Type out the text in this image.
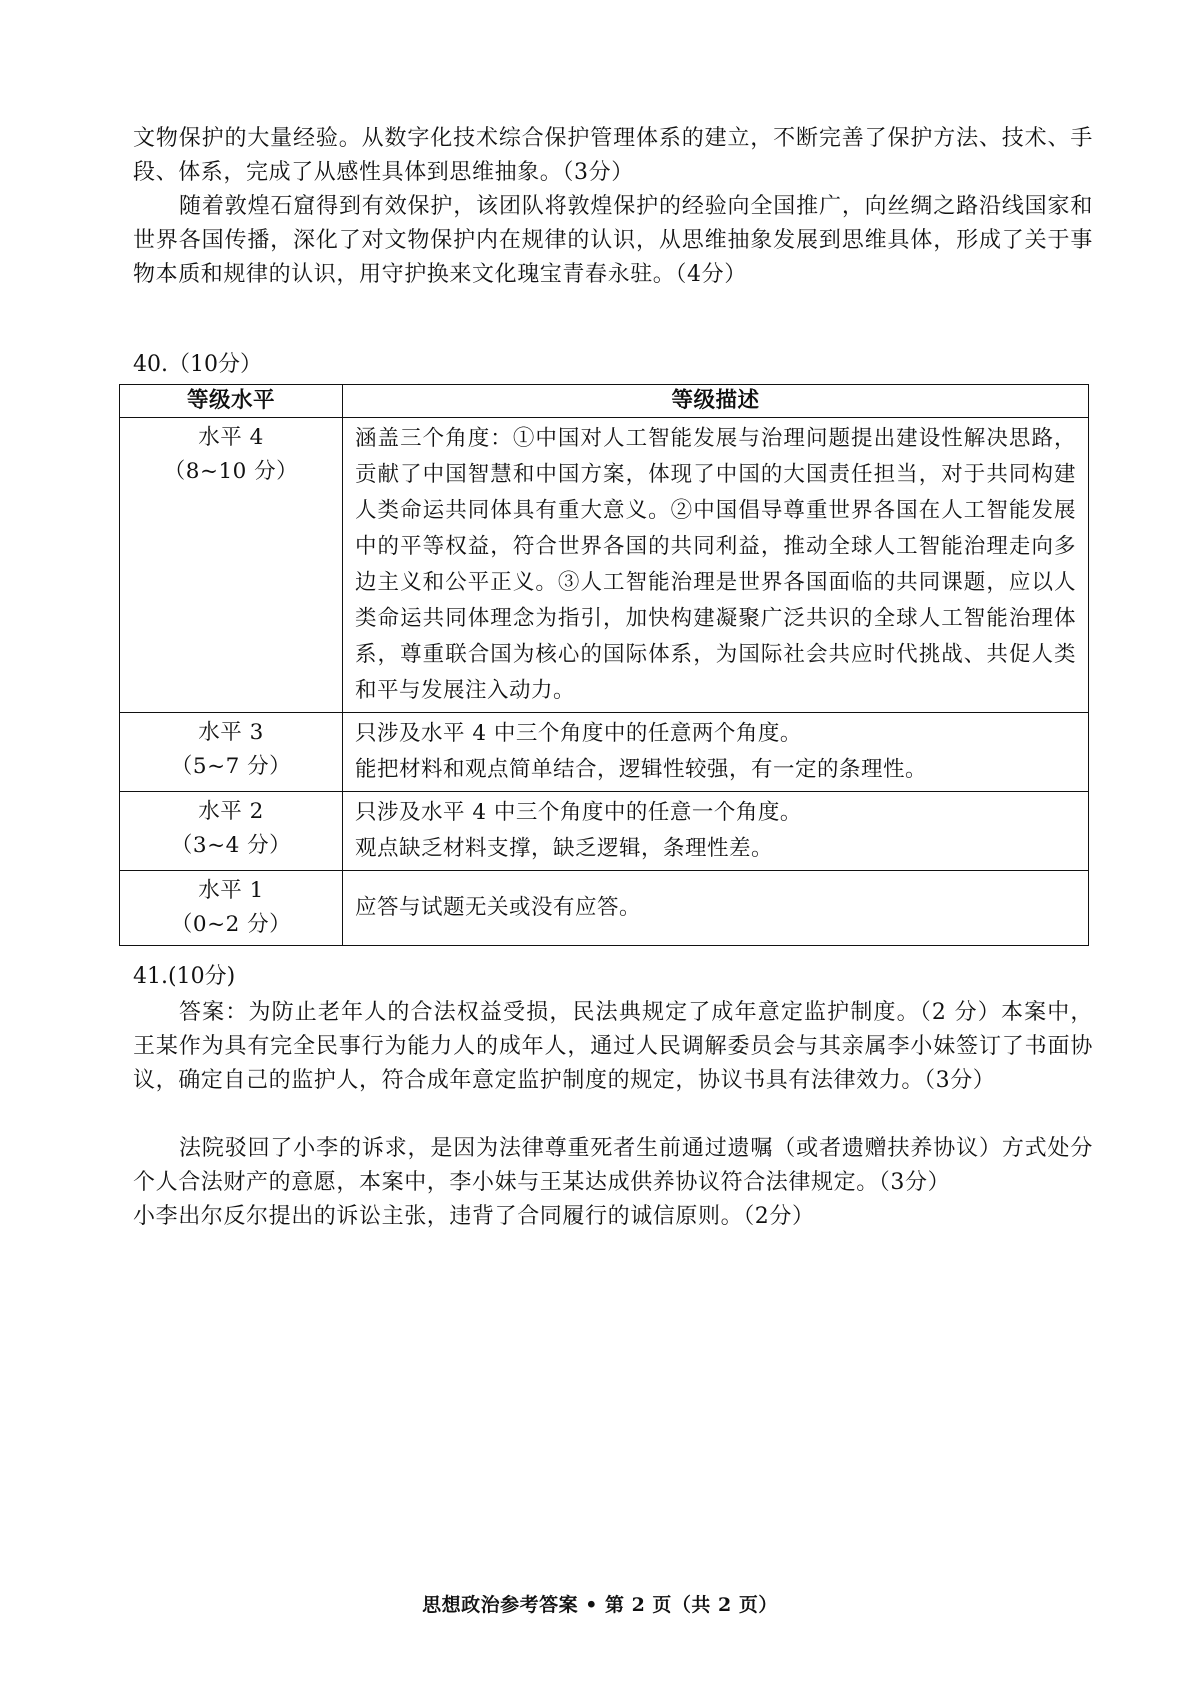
文物保护的大量经验。从数字化技术综合保护管理体系的建立，不断完善了保护方法、技术、手段、体系，完成了从感性具体到思维抽象。（3分）

随着敦煌石窟得到有效保护，该团队将敦煌保护的经验向全国推广，向丝绸之路沿线国家和世界各国传播，深化了对文物保护内在规律的认识，从思维抽象发展到思维具体，形成了关于事物本质和规律的认识，用守护换来文化瑰宝青春永驻。（4分）

40.（10分）

等级水平	等级描述

水平 4
（8~10 分）	涵盖三个角度：①中国对人工智能发展与治理问题提出建设性解决思路，贡献了中国智慧和中国方案，体现了中国的大国责任担当，对于共同构建人类命运共同体具有重大意义。②中国倡导尊重世界各国在人工智能发展中的平等权益，符合世界各国的共同利益，推动全球人工智能治理走向多边主义和公平正义。③人工智能治理是世界各国面临的共同课题，应以人类命运共同体理念为指引，加快构建凝聚广泛共识的全球人工智能治理体系，尊重联合国为核心的国际体系，为国际社会共应时代挑战、共促人类和平与发展注入动力。

水平 3
（5~7 分）	只涉及水平 4 中三个角度中的任意两个角度。
能把材料和观点简单结合，逻辑性较强，有一定的条理性。

水平 2
（3~4 分）	只涉及水平 4 中三个角度中的任意一个角度。
观点缺乏材料支撑，缺乏逻辑，条理性差。

水平 1
（0~2 分）	应答与试题无关或没有应答。

41.(10分)

答案：为防止老年人的合法权益受损，民法典规定了成年意定监护制度。（2 分）本案中，王某作为具有完全民事行为能力人的成年人，通过人民调解委员会与其亲属李小妹签订了书面协议，确定自己的监护人，符合成年意定监护制度的规定，协议书具有法律效力。（3分）

法院驳回了小李的诉求，是因为法律尊重死者生前通过遗嘱（或者遗赠扶养协议）方式处分个人合法财产的意愿，本案中，李小妹与王某达成供养协议符合法律规定。（3分）

小李出尔反尔提出的诉讼主张，违背了合同履行的诚信原则。（2分）

思想政治参考答案 • 第 2 页（共 2 页）
